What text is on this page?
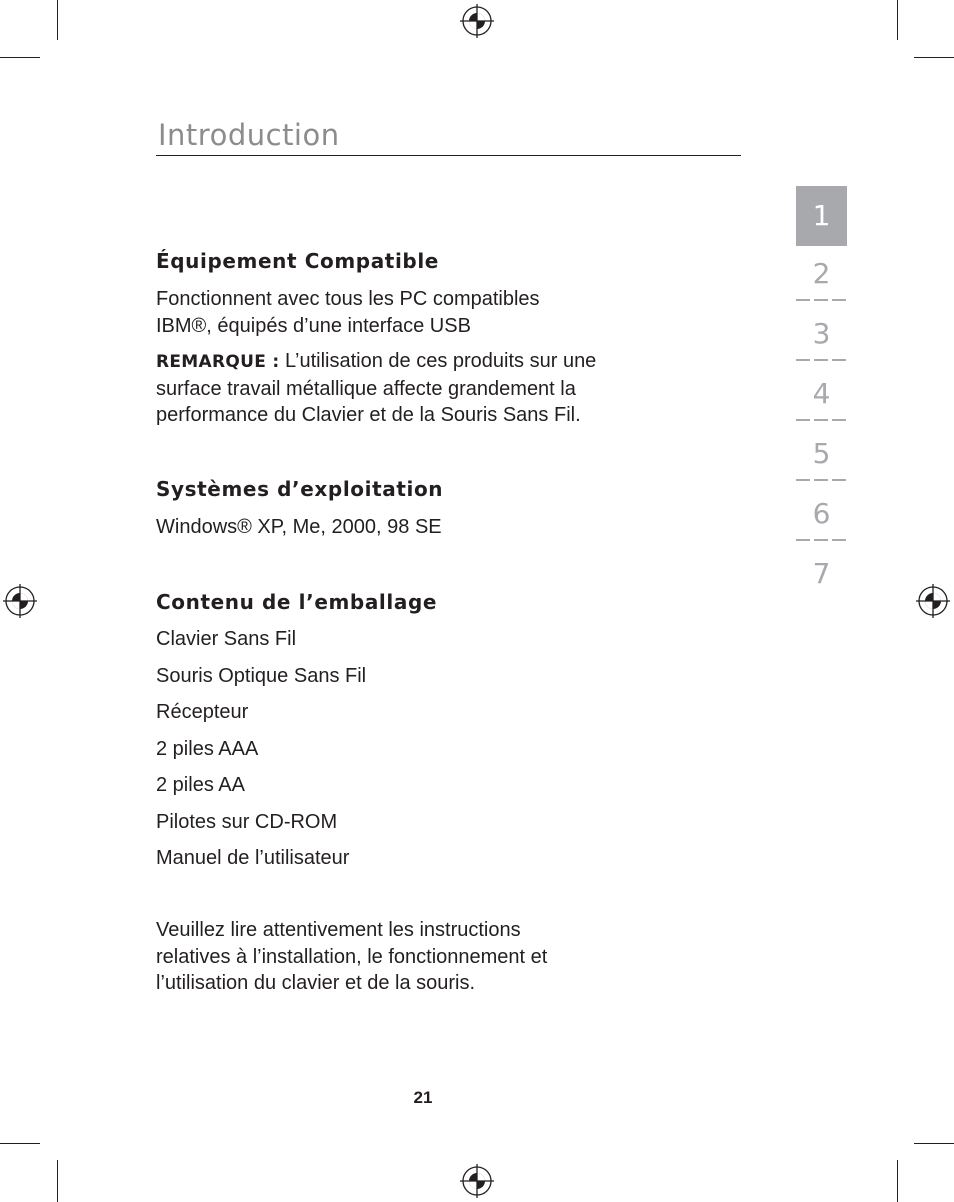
Introduction
Équipement Compatible
Fonctionnent avec tous les PC compatibles
IBM®, équipés d’une interface USB
REMARQUE : L’utilisation de ces produits sur une
surface travail métallique affecte grandement la
performance du Clavier et de la Souris Sans Fil.
Systèmes d’exploitation
Windows® XP, Me, 2000, 98 SE
Contenu de l’emballage
Clavier Sans Fil
Souris Optique Sans Fil
Récepteur
2 piles AAA
2 piles AA
Pilotes sur CD-ROM
Manuel de l’utilisateur
Veuillez lire attentivement les instructions
relatives à l’installation, le fonctionnement et
l’utilisation du clavier et de la souris.
1
2
3
4
5
6
7
21
